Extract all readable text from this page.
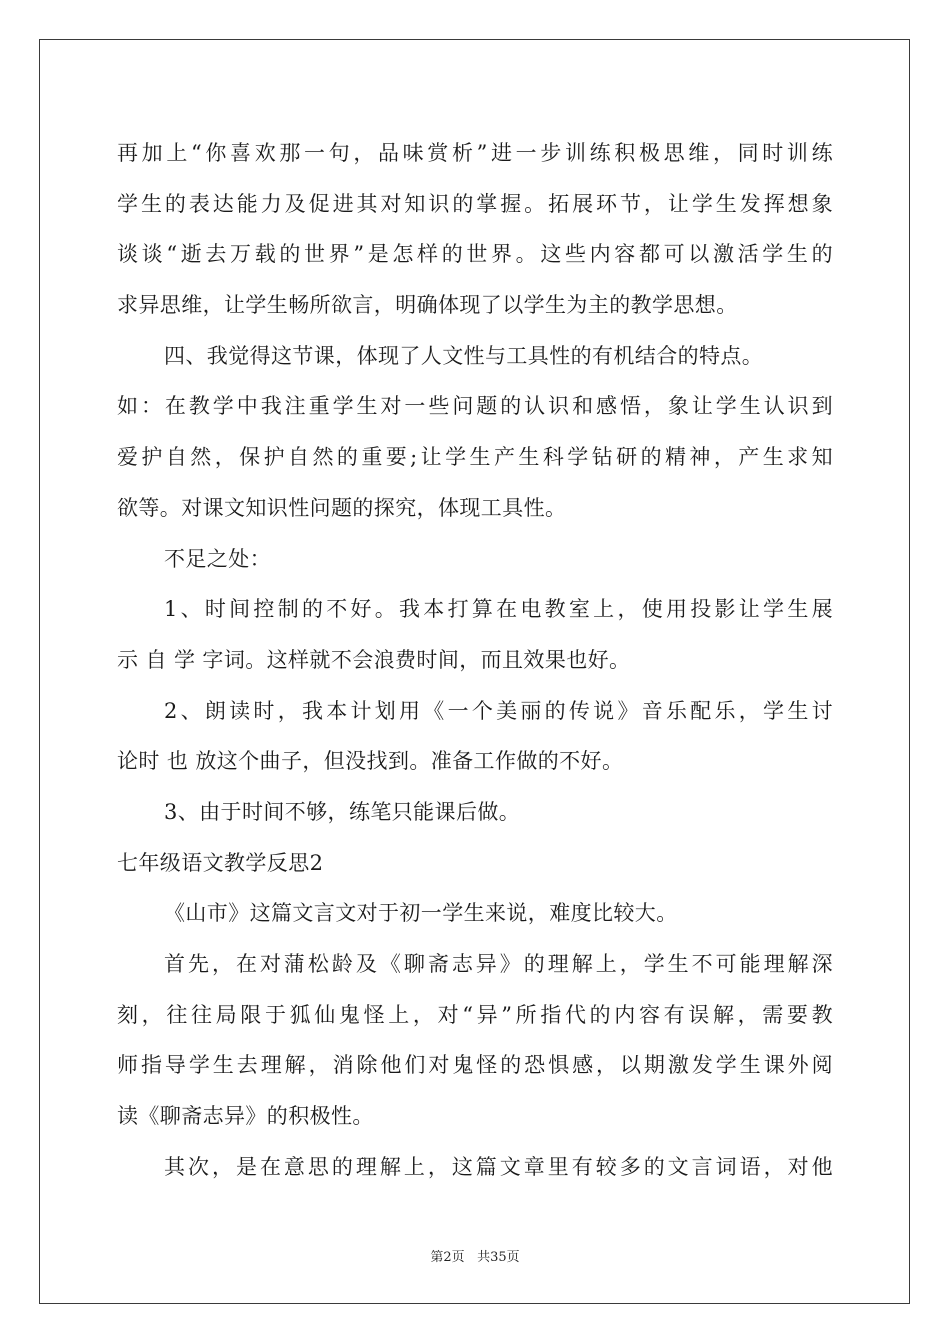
再加上“你喜欢那一句，品味赏析”进一步训练积极思维，同时训练
学生的表达能力及促进其对知识的掌握。拓展环节，让学生发挥想象
谈谈“逝去万载的世界”是怎样的世界。这些内容都可以激活学生的
求异思维，让学生畅所欲言，明确体现了以学生为主的教学思想。
四、我觉得这节课，体现了人文性与工具性的有机结合的特点。
如：在教学中我注重学生对一些问题的认识和感悟，象让学生认识到
爱护自然，保护自然的重要;让学生产生科学钻研的精神，产生求知
欲等。对课文知识性问题的探究，体现工具性。
不足之处：
1、时间控制的不好。我本打算在电教室上，使用投影让学生展
示 自 学 字词。这样就不会浪费时间，而且效果也好。
2、朗读时，我本计划用《一个美丽的传说》音乐配乐，学生讨
论时 也 放这个曲子，但没找到。准备工作做的不好。
3、由于时间不够，练笔只能课后做。
七年级语文教学反思2
《山市》这篇文言文对于初一学生来说，难度比较大。
首先，在对蒲松龄及《聊斋志异》的理解上，学生不可能理解深
刻，往往局限于狐仙鬼怪上，对“异”所指代的内容有误解，需要教
师指导学生去理解，消除他们对鬼怪的恐惧感，以期激发学生课外阅
读《聊斋志异》的积极性。
其次，是在意思的理解上，这篇文章里有较多的文言词语，对他
第2页 共35页
